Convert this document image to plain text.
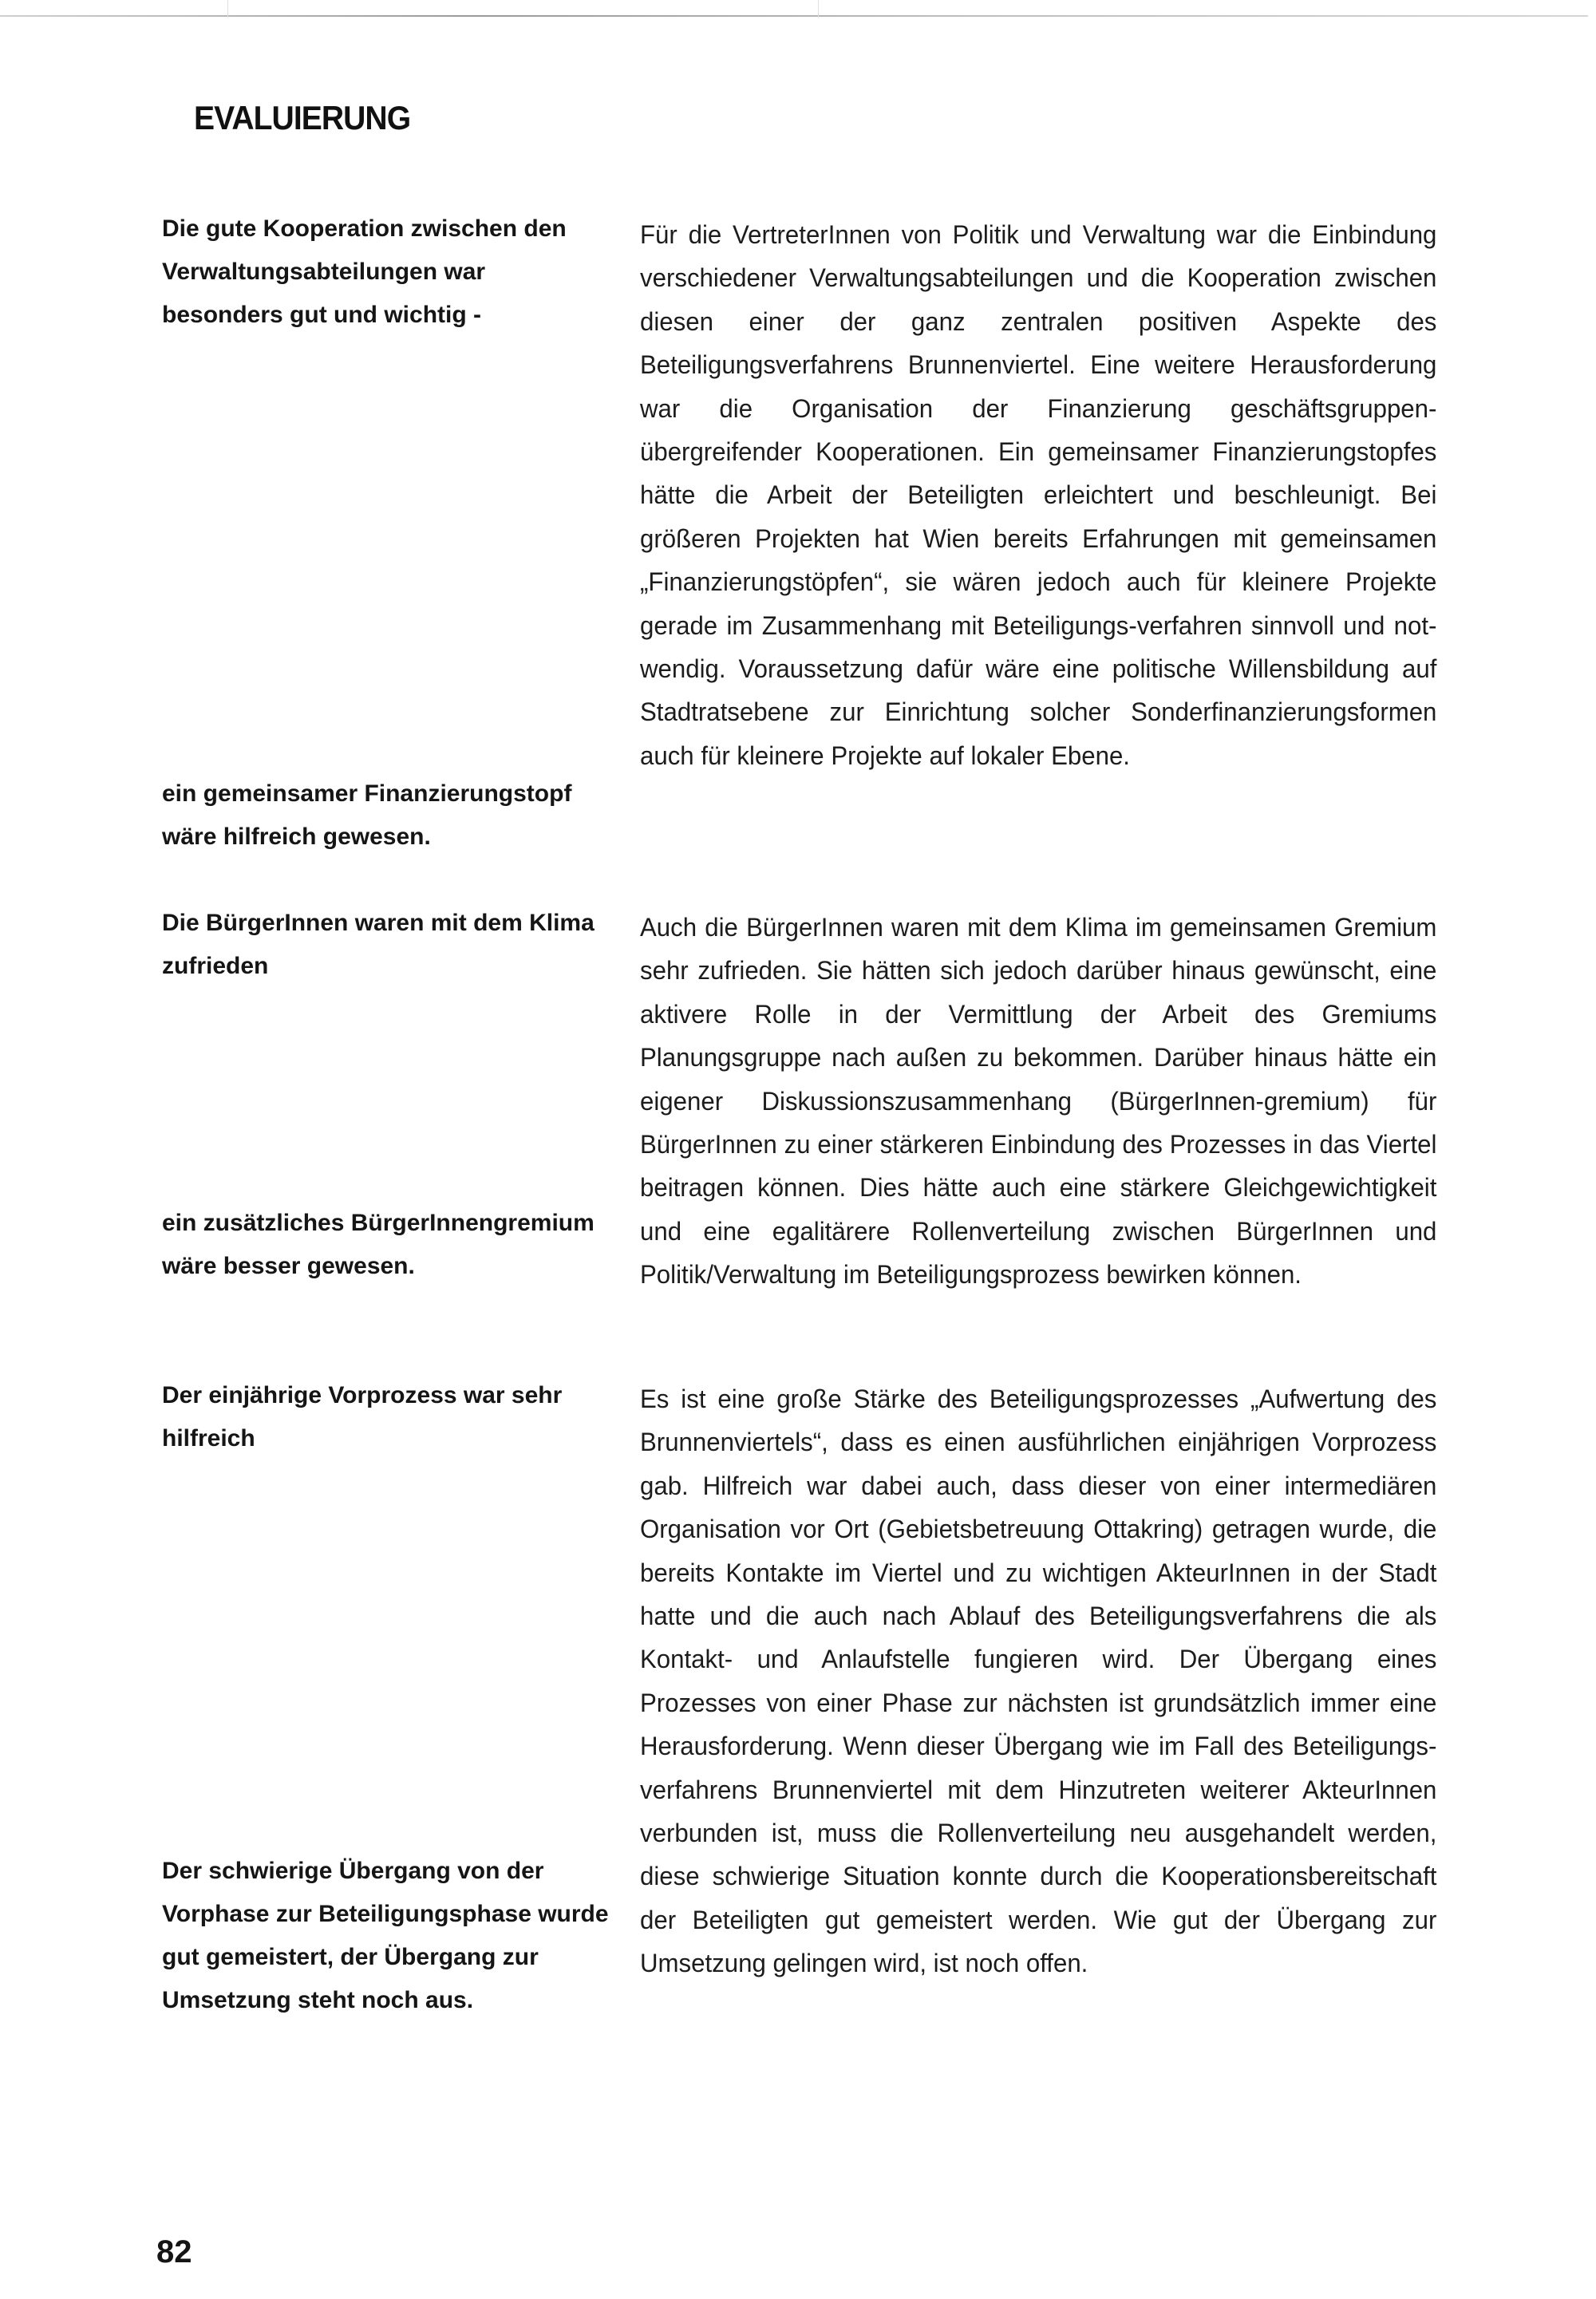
EVALUIERUNG

Die gute Kooperation zwischen den Verwaltungsabteilungen war besonders gut und wichtig -

ein gemeinsamer Finanzierungstopf wäre hilfreich gewesen.

Für die VertreterInnen von Politik und Verwaltung war die Einbindung verschiedener Verwaltungsabteilungen und die Kooperation zwischen diesen einer der ganz zentralen positiven Aspekte des Beteiligungsverfahrens Brunnenviertel. Eine weitere Herausforderung war die Organisation der Finanzierung geschäftsgruppen-übergreifender Kooperationen. Ein gemeinsamer Finanzierungstopfes hätte die Arbeit der Beteiligten erleichtert und beschleunigt. Bei größeren Projekten hat Wien bereits Erfahrungen mit gemeinsamen „Finanzierungstöpfen“, sie wären jedoch auch für kleinere Projekte gerade im Zusammenhang mit Beteiligungs-verfahren sinnvoll und notwendig. Voraussetzung dafür wäre eine politische Willensbildung auf Stadtratsebene zur Einrichtung solcher Sonderfinanzierungsformen auch für kleinere Projekte auf lokaler Ebene.

Die BürgerInnen waren mit dem Klima zufrieden

ein zusätzliches BürgerInnengremium wäre besser gewesen.

Auch die BürgerInnen waren mit dem Klima im gemeinsamen Gremium sehr zufrieden. Sie hätten sich jedoch darüber hinaus gewünscht, eine aktivere Rolle in der Vermittlung der Arbeit des Gremiums Planungsgruppe nach außen zu bekommen. Darüber hinaus hätte ein eigener Diskussionszusammenhang (BürgerInnen-gremium) für BürgerInnen zu einer stärkeren Einbindung des Prozesses in das Viertel beitragen können. Dies hätte auch eine stärkere Gleichgewichtigkeit und eine egalitärere Rollenverteilung zwischen BürgerInnen und Politik/Verwaltung im Beteiligungsprozess bewirken können.

Der einjährige Vorprozess war sehr hilfreich

Der schwierige Übergang von der Vorphase zur Beteiligungsphase wurde gut gemeistert, der Übergang zur Umsetzung steht noch aus.

Es ist eine große Stärke des Beteiligungsprozesses „Aufwertung des Brunnenviertels“, dass es einen ausführlichen einjährigen Vorprozess gab. Hilfreich war dabei auch, dass dieser von einer intermediären Organisation vor Ort (Gebietsbetreuung Ottakring) getragen wurde, die bereits Kontakte im Viertel und zu wichtigen AkteurInnen in der Stadt hatte und die auch nach Ablauf des Beteiligungsverfahrens die als Kontakt- und Anlaufstelle fungieren wird. Der Übergang eines Prozesses von einer Phase zur nächsten ist grundsätzlich immer eine Herausforderung. Wenn dieser Übergang wie im Fall des Beteiligungsverfahrens Brunnenviertel mit dem Hinzutreten weiterer AkteurInnen verbunden ist, muss die Rollenverteilung neu ausgehandelt werden, diese schwierige Situation konnte durch die Kooperationsbereitschaft der Beteiligten gut gemeistert werden. Wie gut der Übergang zur Umsetzung gelingen wird, ist noch offen.

82
